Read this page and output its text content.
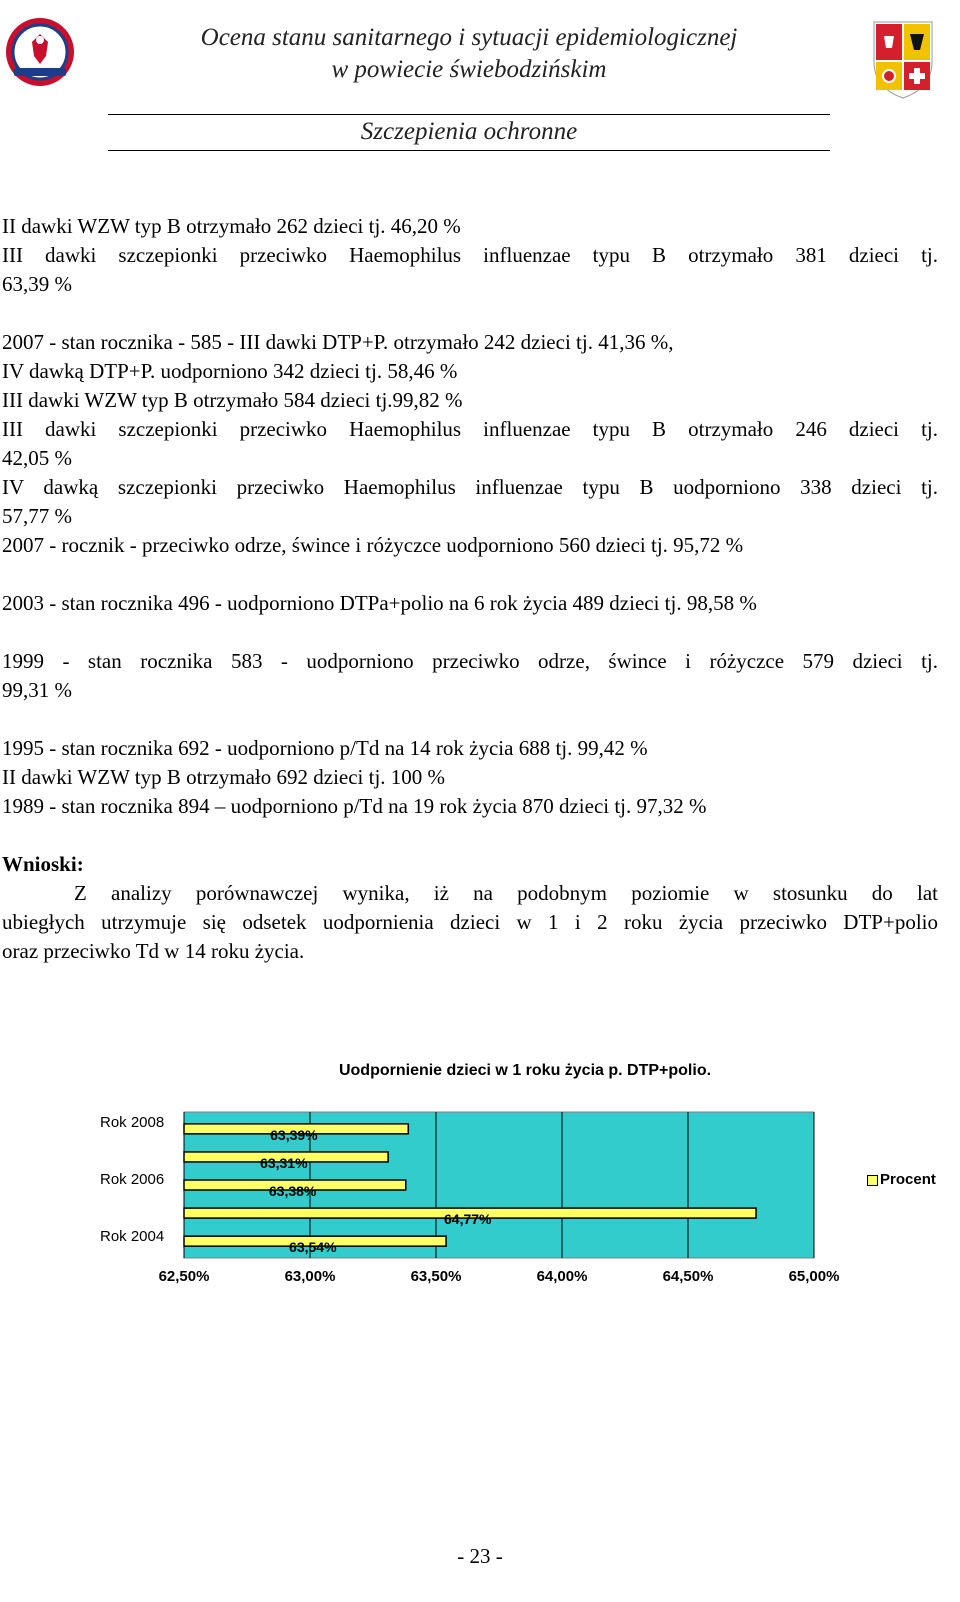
Ocena stanu sanitarnego i sytuacji epidemiologicznej
w powiecie świebodzińskim
Szczepienia ochronne

II dawki WZW typ B otrzymało 262 dzieci tj. 46,20 %

III dawki szczepionki przeciwko Haemophilus influenzae typu B otrzymało 381 dzieci tj.

63,39 %

2007 - stan rocznika - 585 - III dawki DTP+P. otrzymało 242 dzieci tj. 41,36 %,

IV dawką DTP+P. uodporniono 342 dzieci tj. 58,46 %

III dawki WZW typ B otrzymało 584 dzieci tj.99,82 %

III dawki szczepionki przeciwko Haemophilus influenzae typu B otrzymało 246 dzieci tj.

42,05 %

IV dawką szczepionki przeciwko Haemophilus influenzae typu B uodporniono 338 dzieci tj.

57,77 %

2007 - rocznik - przeciwko odrze, śwince i różyczce uodporniono 560 dzieci tj. 95,72 %

2003 - stan rocznika 496 - uodporniono DTPa+polio na 6 rok życia 489 dzieci tj. 98,58 %

1999 - stan rocznika 583 - uodporniono przeciwko odrze, śwince i różyczce 579 dzieci tj.

99,31 %

1995 - stan rocznika 692 - uodporniono p/Td na 14 rok życia 688 tj. 99,42 %

II dawki WZW typ B otrzymało 692 dzieci tj. 100 %

1989 - stan rocznika 894 – uodporniono p/Td na 19 rok życia 870 dzieci tj. 97,32 %

Wnioski:

Z analizy porównawczej wynika, iż na podobnym poziomie w stosunku do lat

ubiegłych utrzymuje się odsetek uodpornienia dzieci w 1 i 2 roku życia przeciwko DTP+polio

oraz przeciwko Td w 14 roku życia.

Uodpornienie dzieci w 1 roku życia p. DTP+polio.
Rok 2008
Rok 2006
Rok 2004
62,50%	63,00%	63,50%	64,00%	64,50%	65,00%
63,39%
63,31%
63,38%
64,77%
63,54%
Procent
- 23 -
